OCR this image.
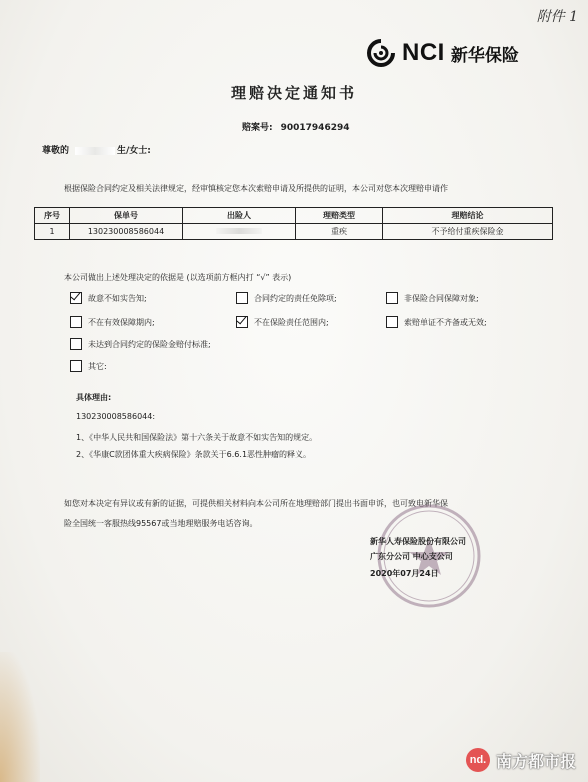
附件 1
NCI 新华保险
理赔决定通知书
赔案号: 90017946294
尊敬的	生/女士:
根据保险合同约定及相关法律规定，经审慎核定您本次索赔申请及所提供的证明，本公司对您本次理赔申请作
序号	保单号	出险人	理赔类型	理赔结论
1	130230008586044		重疾	不予给付重疾保险金
本公司做出上述处理决定的依据是 (以选项前方框内打 “√” 表示)
故意不如实告知;	合同约定的责任免除项;	非保险合同保障对象;
不在有效保障期内;	不在保险责任范围内;	索赔单证不齐备或无效;
未达到合同约定的保险金赔付标准;
其它:
具体理由:
130230008586044:
1、《中华人民共和国保险法》第十六条关于故意不如实告知的规定。
2、《华康C款团体重大疾病保险》条款关于6.6.1恶性肿瘤的释义。
如您对本决定有异议或有新的证据，可提供相关材料向本公司所在地理赔部门提出书面申诉，也可致电新华保
险全国统一客服热线95567或当地理赔服务电话咨询。
新华人寿保险股份有限公司
广东分公司 中心支公司
2020年07月24日
nd. 南方都市报
